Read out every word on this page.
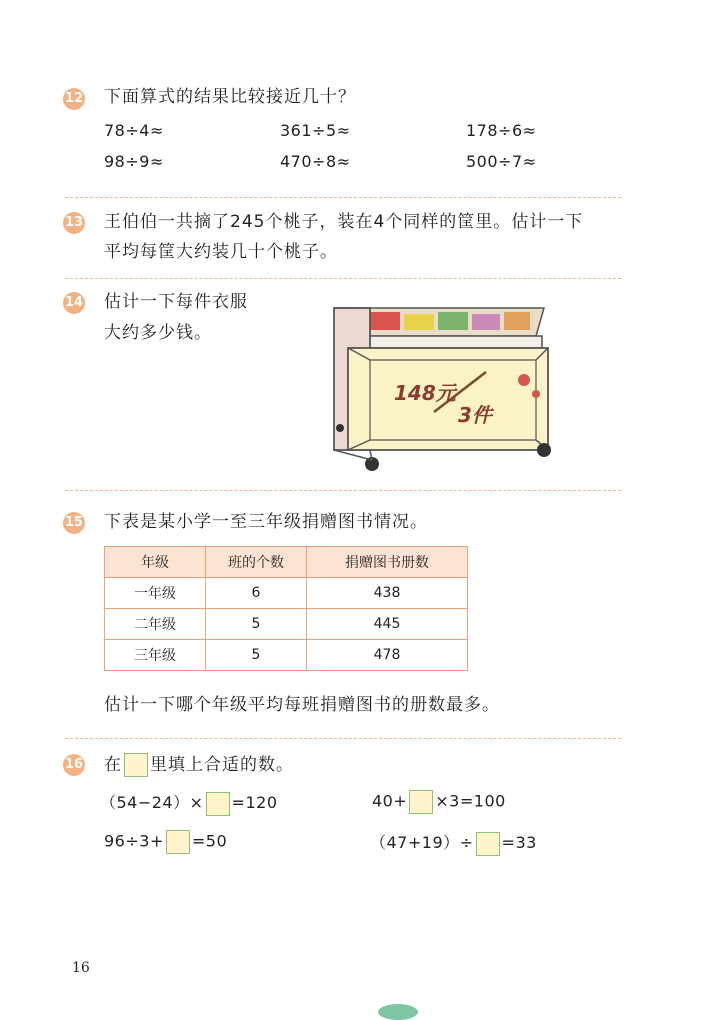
12 下面算式的结果比较接近几十？
78÷4≈	361÷5≈	178÷6≈
98÷9≈	470÷8≈	500÷7≈
13 王伯伯一共摘了245个桃子，装在4个同样的筐里。估计一下
平均每筐大约装几十个桃子。
14 估计一下每件衣服
大约多少钱。
148元
3件
15 下表是某小学一至三年级捐赠图书情况。
年级	班的个数	捐赠图书册数
一年级	6	438
二年级	5	445
三年级	5	478
估计一下哪个年级平均每班捐赠图书的册数最多。
16 在 里填上合适的数。
（54−24）× =120	40+ ×3=100
96÷3+ =50	（47+19）÷ =33
16
